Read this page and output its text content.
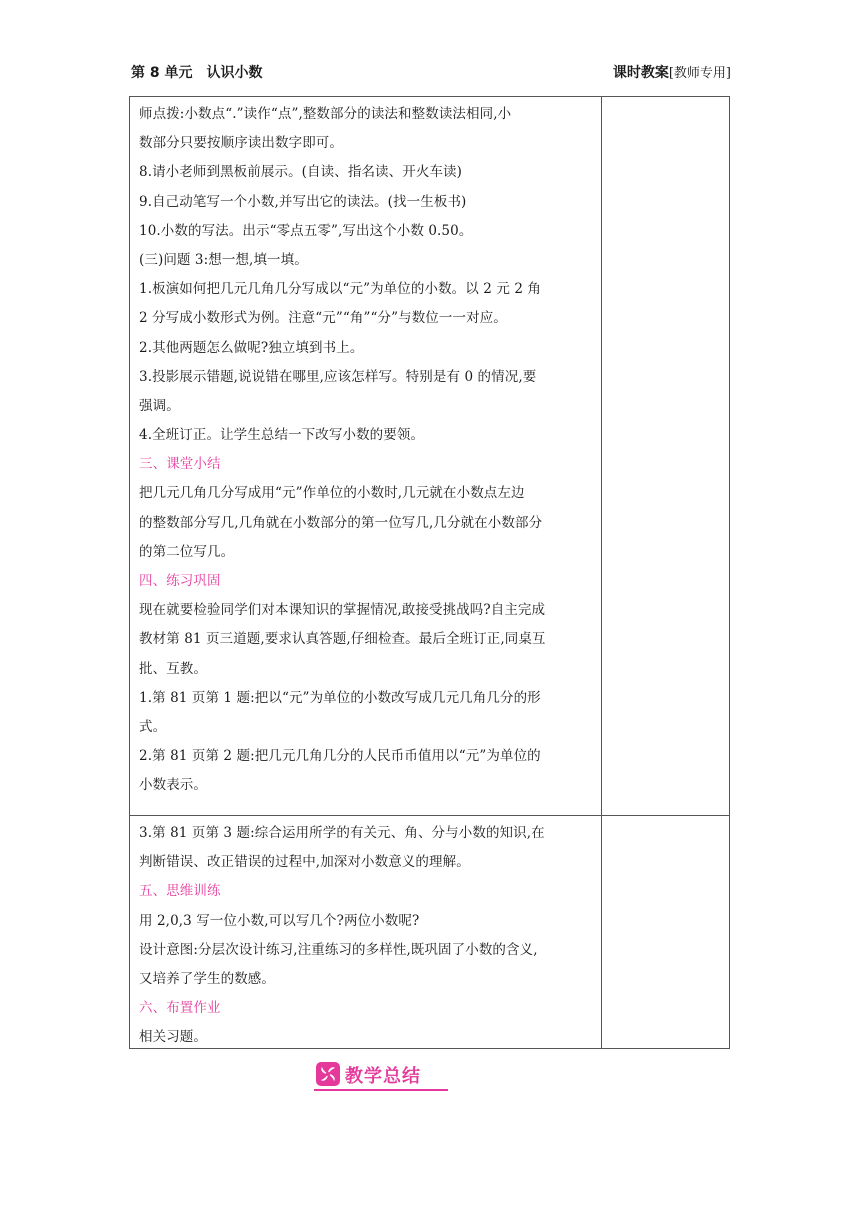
第 8 单元 认识小数	课时教案[教师专用]
师点拨:小数点“.”读作“点”,整数部分的读法和整数读法相同,小
数部分只要按顺序读出数字即可。
8.请小老师到黑板前展示。(自读、指名读、开火车读)
9.自己动笔写一个小数,并写出它的读法。(找一生板书)
10.小数的写法。出示“零点五零”,写出这个小数 0.50。
(三)问题 3:想一想,填一填。
1.板演如何把几元几角几分写成以“元”为单位的小数。以 2 元 2 角
2 分写成小数形式为例。注意“元”“角”“分”与数位一一对应。
2.其他两题怎么做呢?独立填到书上。
3.投影展示错题,说说错在哪里,应该怎样写。特别是有 0 的情况,要
强调。
4.全班订正。让学生总结一下改写小数的要领。
三、课堂小结
把几元几角几分写成用“元”作单位的小数时,几元就在小数点左边
的整数部分写几,几角就在小数部分的第一位写几,几分就在小数部分
的第二位写几。
四、练习巩固
现在就要检验同学们对本课知识的掌握情况,敢接受挑战吗?自主完成
教材第 81 页三道题,要求认真答题,仔细检查。最后全班订正,同桌互
批、互教。
1.第 81 页第 1 题:把以“元”为单位的小数改写成几元几角几分的形
式。
2.第 81 页第 2 题:把几元几角几分的人民币币值用以“元”为单位的
小数表示。
3.第 81 页第 3 题:综合运用所学的有关元、角、分与小数的知识,在
判断错误、改正错误的过程中,加深对小数意义的理解。
五、思维训练
用 2,0,3 写一位小数,可以写几个?两位小数呢?
设计意图:分层次设计练习,注重练习的多样性,既巩固了小数的含义,
又培养了学生的数感。
六、布置作业
相关习题。
教学总结
